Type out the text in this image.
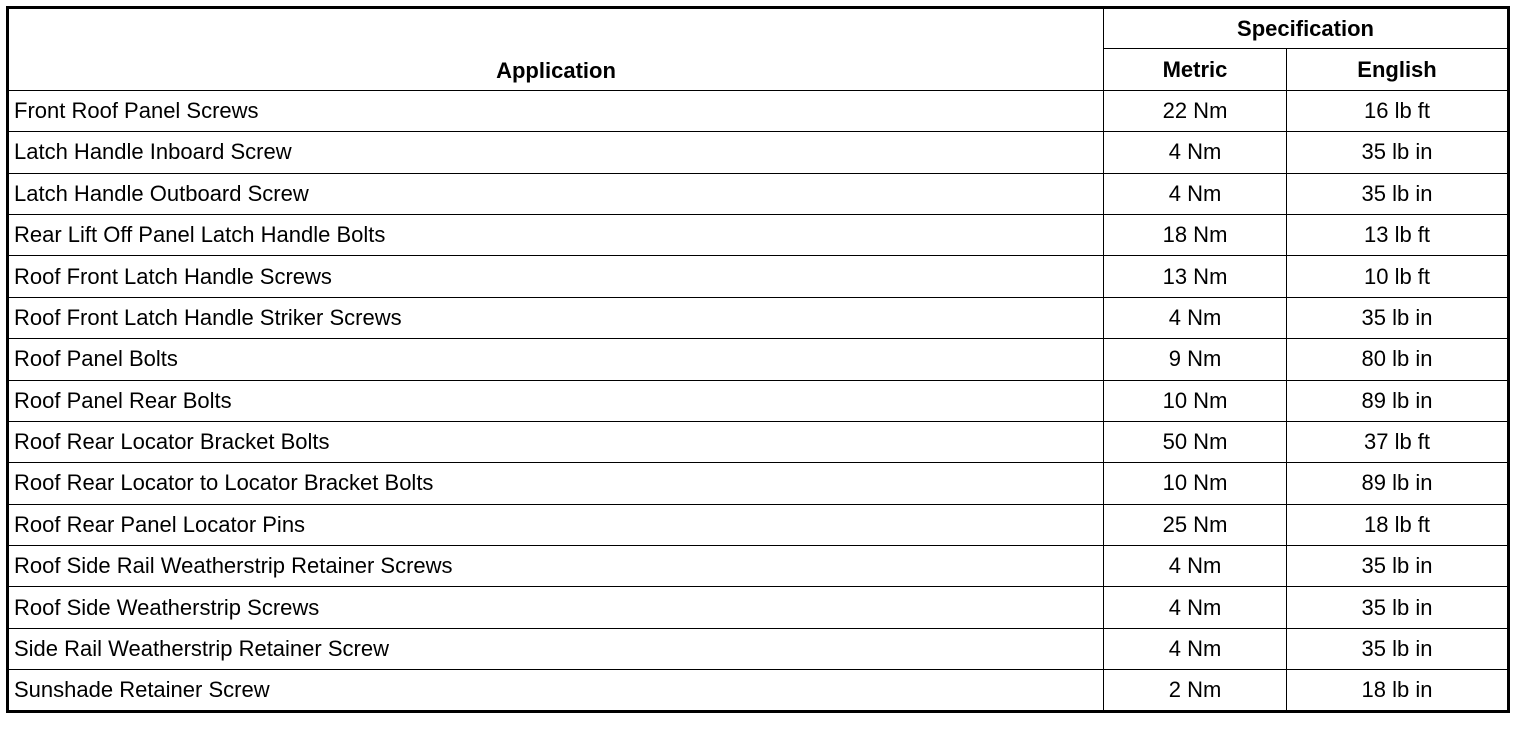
Application	Specification	
	Metric	English
Front Roof Panel Screws	22 Nm	16 lb ft
Latch Handle Inboard Screw	4 Nm	35 lb in
Latch Handle Outboard Screw	4 Nm	35 lb in
Rear Lift Off Panel Latch Handle Bolts	18 Nm	13 lb ft
Roof Front Latch Handle Screws	13 Nm	10 lb ft
Roof Front Latch Handle Striker Screws	4 Nm	35 lb in
Roof Panel Bolts	9 Nm	80 lb in
Roof Panel Rear Bolts	10 Nm	89 lb in
Roof Rear Locator Bracket Bolts	50 Nm	37 lb ft
Roof Rear Locator to Locator Bracket Bolts	10 Nm	89 lb in
Roof Rear Panel Locator Pins	25 Nm	18 lb ft
Roof Side Rail Weatherstrip Retainer Screws	4 Nm	35 lb in
Roof Side Weatherstrip Screws	4 Nm	35 lb in
Side Rail Weatherstrip Retainer Screw	4 Nm	35 lb in
Sunshade Retainer Screw	2 Nm	18 lb in
